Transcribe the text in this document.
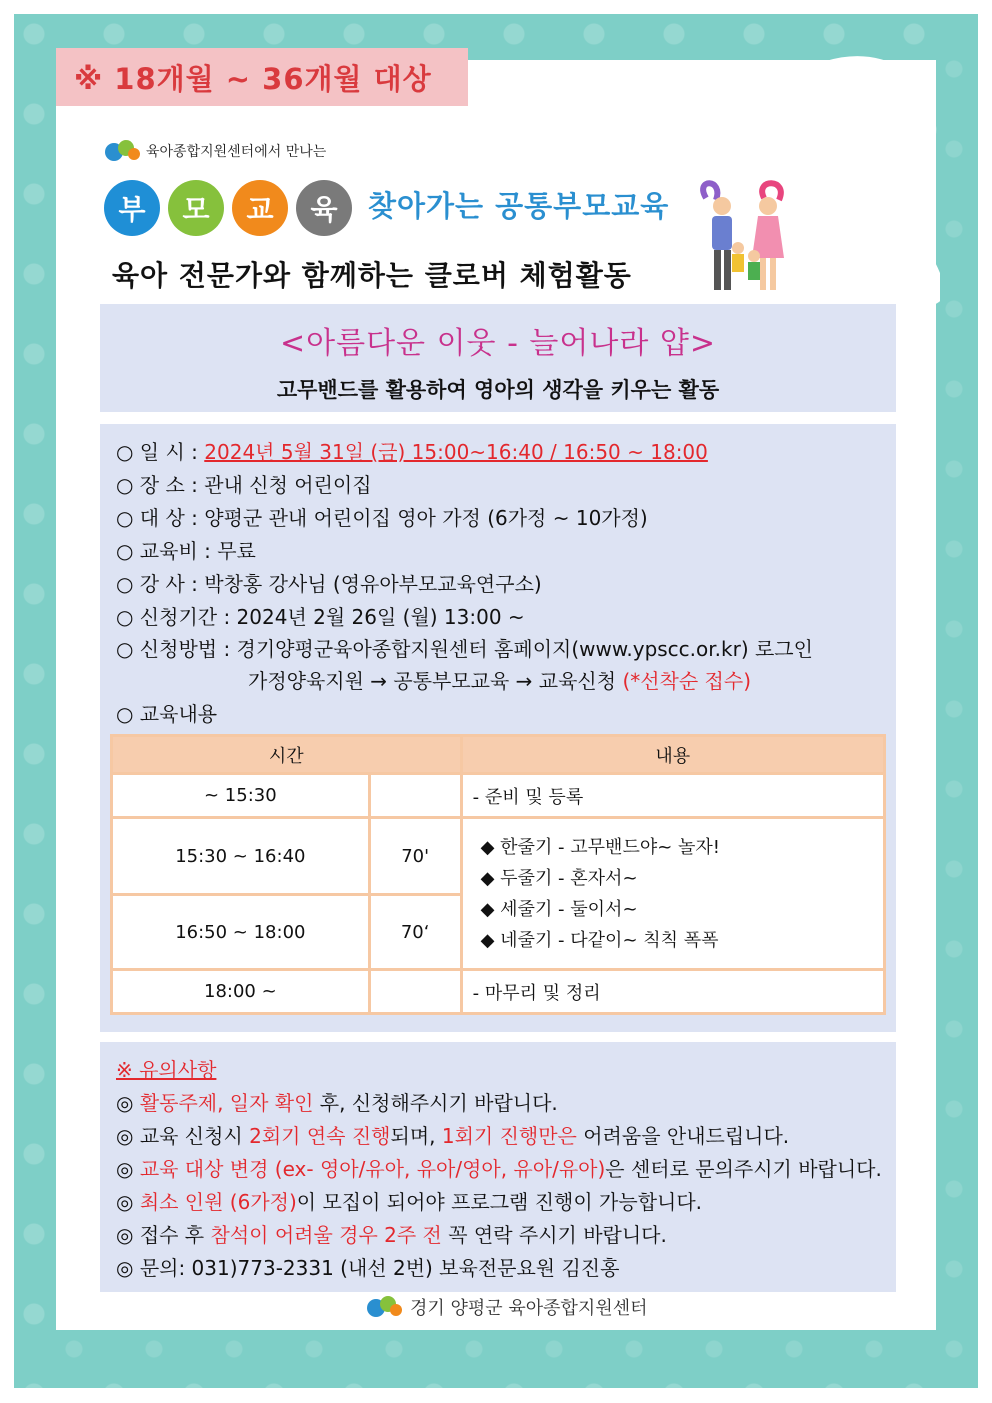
※ 18개월 ~ 36개월 대상
육아종합지원센터에서 만나는
부	모	교	육	찾아가는 공통부모교육
육아 전문가와 함께하는 클로버 체험활동
<아름다운 이웃 - 늘어나라 얍>
고무밴드를 활용하여 영아의 생각을 키우는 활동
○ 일 시 : 2024년 5월 31일 (금) 15:00~16:40 / 16:50 ~ 18:00
○ 장 소 : 관내 신청 어린이집
○ 대 상 : 양평군 관내 어린이집 영아 가정 (6가정 ~ 10가정)
○ 교육비 : 무료
○ 강 사 : 박창홍 강사님 (영유아부모교육연구소)
○ 신청기간 : 2024년 2월 26일 (월) 13:00 ~
○ 신청방법 : 경기양평군육아종합지원센터 홈페이지(www.ypscc.or.kr) 로그인
가정양육지원 → 공통부모교육 → 교육신청 (*선착순 접수)
○ 교육내용
시간		내용
~ 15:30		- 준비 및 등록
15:30 ~ 16:40	70'	◆ 한줄기 - 고무밴드야~ 놀자!
◆ 두줄기 - 혼자서~
◆ 세줄기 - 둘이서~
◆ 네줄기 - 다같이~ 칙칙 폭폭

16:50 ~ 18:00	70‘	
18:00 ~		- 마무리 및 정리
※ 유의사항
◎ 활동주제, 일자 확인 후, 신청해주시기 바랍니다.
◎ 교육 신청시 2회기 연속 진행되며, 1회기 진행만은 어려움을 안내드립니다.
◎ 교육 대상 변경 (ex- 영아/유아, 유아/영아, 유아/유아)은 센터로 문의주시기 바랍니다.
◎ 최소 인원 (6가정)이 모집이 되어야 프로그램 진행이 가능합니다.
◎ 접수 후 참석이 어려울 경우 2주 전 꼭 연락 주시기 바랍니다.
◎ 문의: 031)773-2331 (내선 2번) 보육전문요원 김진홍
경기 양평군 육아종합지원센터
